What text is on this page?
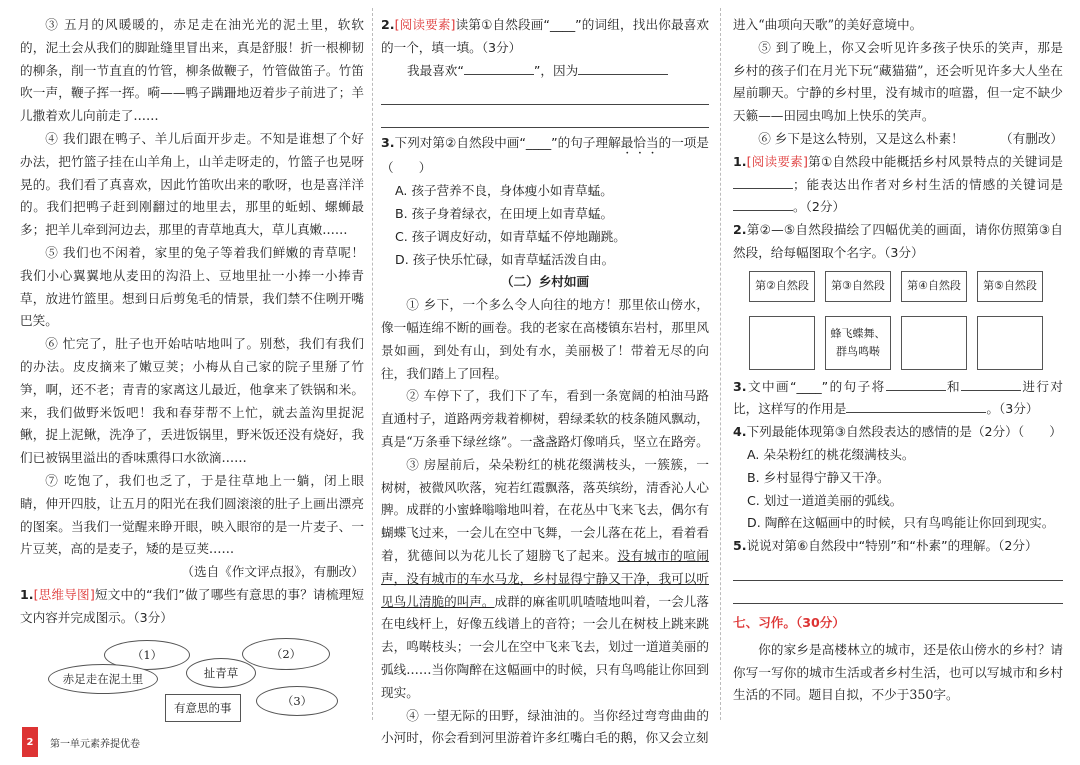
③ 五月的风暖暖的，赤足走在油光光的泥土里，软软的，泥土会从我们的脚趾缝里冒出来，真是舒服！折一根柳韧的柳条，削一节直直的竹管，柳条做鞭子，竹管做笛子。竹笛吹一声，鞭子挥一挥。嗬——鸭子蹒跚地迈着步子前进了；羊儿撒着欢儿向前走了……

④ 我们跟在鸭子、羊儿后面开步走。不知是谁想了个好办法，把竹篮子挂在山羊角上，山羊走呀走的，竹篮子也晃呀晃的。我们看了真喜欢，因此竹笛吹出来的歌呀，也是喜洋洋的。我们把鸭子赶到刚翻过的地里去，那里的蚯蚓、螺蛳最多；把羊儿牵到河边去，那里的青草地真大，草儿真嫩……

⑤ 我们也不闲着，家里的兔子等着我们鲜嫩的青草呢！我们小心翼翼地从麦田的沟沿上、豆地里扯一小捧一小捧青草，放进竹篮里。想到日后剪兔毛的情景，我们禁不住咧开嘴巴笑。

⑥ 忙完了，肚子也开始咕咕地叫了。别愁，我们有我们的办法。皮皮摘来了嫩豆荚；小梅从自己家的院子里掰了竹笋，啊，还不老；青青的家离这儿最近，他拿来了铁锅和米。来，我们做野米饭吧！我和春芽帮不上忙，就去盖沟里捉泥鳅，捉上泥鳅，洗净了，丢进饭锅里，野米饭还没有烧好，我们已被锅里溢出的香味熏得口水欲滴……

⑦ 吃饱了，我们也乏了，于是往草地上一躺，闭上眼睛，伸开四肢，让五月的阳光在我们圆滚滚的肚子上画出漂亮的图案。当我们一觉醒来睁开眼，映入眼帘的是一片麦子、一片豆荚，高的是麦子，矮的是豆荚……

（选自《作文评点报》，有删改）

1.[思维导图]短文中的“我们”做了哪些有意思的事？请梳理短文内容并完成图示。（3分）
（1）	（2）
赤足走在泥土里	扯青草
有意思的事	（3）
2.[阅读要素]读第①自然段画“____”的词组，找出你最喜欢的一个，填一填。（3分）
我最喜欢“	”，因为
3.下列对第②自然段中画“____”的句子理解最恰当的一项是（　　）
A. 孩子营养不良，身体瘦小如青草蜢。
B. 孩子身着绿衣，在田埂上如青草蜢。
C. 孩子调皮好动，如青草蜢不停地蹦跳。
D. 孩子快乐忙碌，如青草蜢活泼自由。

（二）乡村如画

① 乡下，一个多么令人向往的地方！那里依山傍水，像一幅连绵不断的画卷。我的老家在高楼镇东岩村，那里风景如画，到处有山，到处有水，美丽极了！带着无尽的向往，我们踏上了回程。

② 车停下了，我们下了车，看到一条宽阔的柏油马路直通村子，道路两旁栽着柳树，碧绿柔软的枝条随风飘动，真是“万条垂下绿丝绦”。一盏盏路灯像哨兵，坚立在路旁。

③ 房屋前后，朵朵粉红的桃花缀满枝头，一簇簇，一树树，被微风吹落，宛若红霞飘落，落英缤纷，清香沁人心脾。成群的小蜜蜂嗡嗡地叫着，在花丛中飞来飞去，偶尔有蝴蝶飞过来，一会儿在空中飞舞，一会儿落在花上，看着看着，犹德间以为花儿长了翅膀飞了起来。没有城市的喧闹声，没有城市的车水马龙，乡村显得宁静又干净，我可以听见鸟儿清脆的叫声。成群的麻雀叽叽喳喳地叫着，一会儿落在电线杆上，好像五线谱上的音符；一会儿在树枝上跳来跳去，鸣啭枝头；一会儿在空中飞来飞去，划过一道道美丽的弧线……当你陶醉在这幅画中的时候，只有鸟鸣能让你回到现实。

④ 一望无际的田野，绿油油的。当你经过弯弯曲曲的小河时，你会看到河里游着许多红嘴白毛的鹅，你又会立刻

进入“曲项向天歌”的美好意境中。

⑤ 到了晚上，你又会听见许多孩子快乐的笑声，那是乡村的孩子们在月光下玩“藏猫猫”，还会听见许多大人坐在屋前聊天。宁静的乡村里，没有城市的喧嚣，但一定不缺少天籁——田园虫鸣加上快乐的笑声。

⑥ 乡下是这么特别，又是这么朴素！	（有删改）

1.[阅读要素]第①自然段中能概括乡村风景特点的关键词是；能表达出作者对乡村生活的情感的关键词是。（2分）
2.第②—⑤自然段描绘了四幅优美的画面，请你仿照第③自然段，给每幅图取个名字。（3分）
第②自然段	第③自然段
蜂飞蝶舞、群鸟鸣啭
第④自然段	第⑤自然段
3.文中画“____”的句子将	和	进行对比，这样写的作用是	。（3分）
4.下列最能体现第③自然段表达的感情的是（2分）（　　）
A. 朵朵粉红的桃花缀满枝头。
B. 乡村显得宁静又干净。
C. 划过一道道美丽的弧线。
D. 陶醉在这幅画中的时候，只有鸟鸣能让你回到现实。
5.说说对第⑥自然段中“特别”和“朴素”的理解。（2分）
七、习作。（30分）

你的家乡是高楼林立的城市，还是依山傍水的乡村？请你写一写你的城市生活或者乡村生活，也可以写城市和乡村生活的不同。题目自拟，不少于350字。

2	第一单元素养提优卷
